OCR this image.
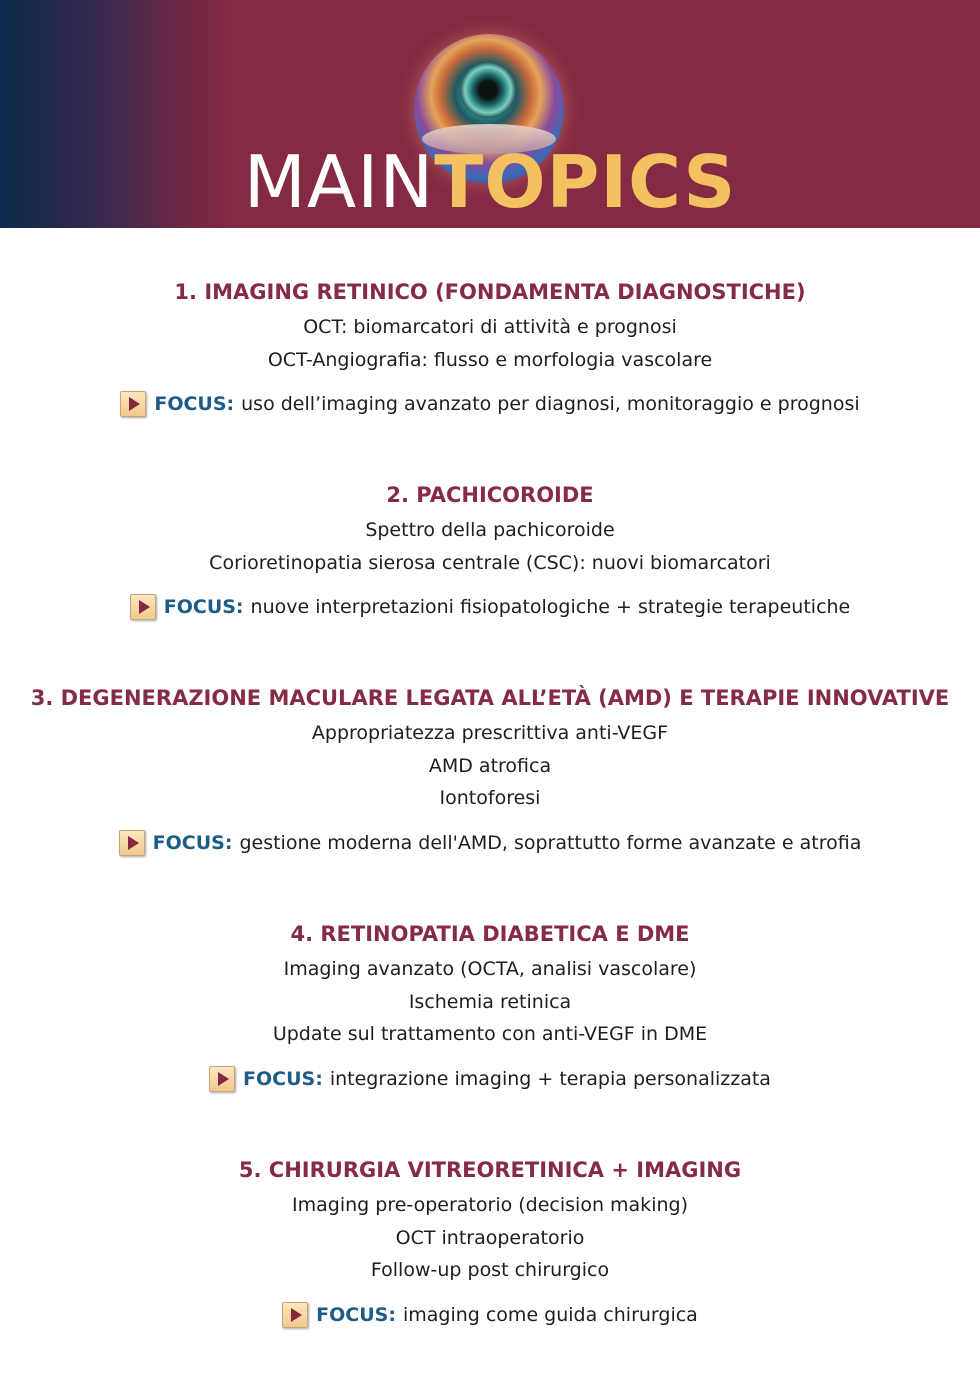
MAINTOPICS
1. IMAGING RETINICO (FONDAMENTA DIAGNOSTICHE)

OCT: biomarcatori di attività e prognosi

OCT-Angiografia: flusso e morfologia vascolare

FOCUS: uso dell’imaging avanzato per diagnosi, monitoraggio e prognosi
2. PACHICOROIDE

Spettro della pachicoroide

Corioretinopatia sierosa centrale (CSC): nuovi biomarcatori

FOCUS: nuove interpretazioni fisiopatologiche + strategie terapeutiche
3. DEGENERAZIONE MACULARE LEGATA ALL’ETÀ (AMD) E TERAPIE INNOVATIVE

Appropriatezza prescrittiva anti-VEGF

AMD atrofica

Iontoforesi

FOCUS: gestione moderna dell'AMD, soprattutto forme avanzate e atrofia
4. RETINOPATIA DIABETICA E DME

Imaging avanzato (OCTA, analisi vascolare)

Ischemia retinica

Update sul trattamento con anti-VEGF in DME

FOCUS: integrazione imaging + terapia personalizzata
5. CHIRURGIA VITREORETINICA + IMAGING

Imaging pre-operatorio (decision making)

OCT intraoperatorio

Follow-up post chirurgico

FOCUS: imaging come guida chirurgica
